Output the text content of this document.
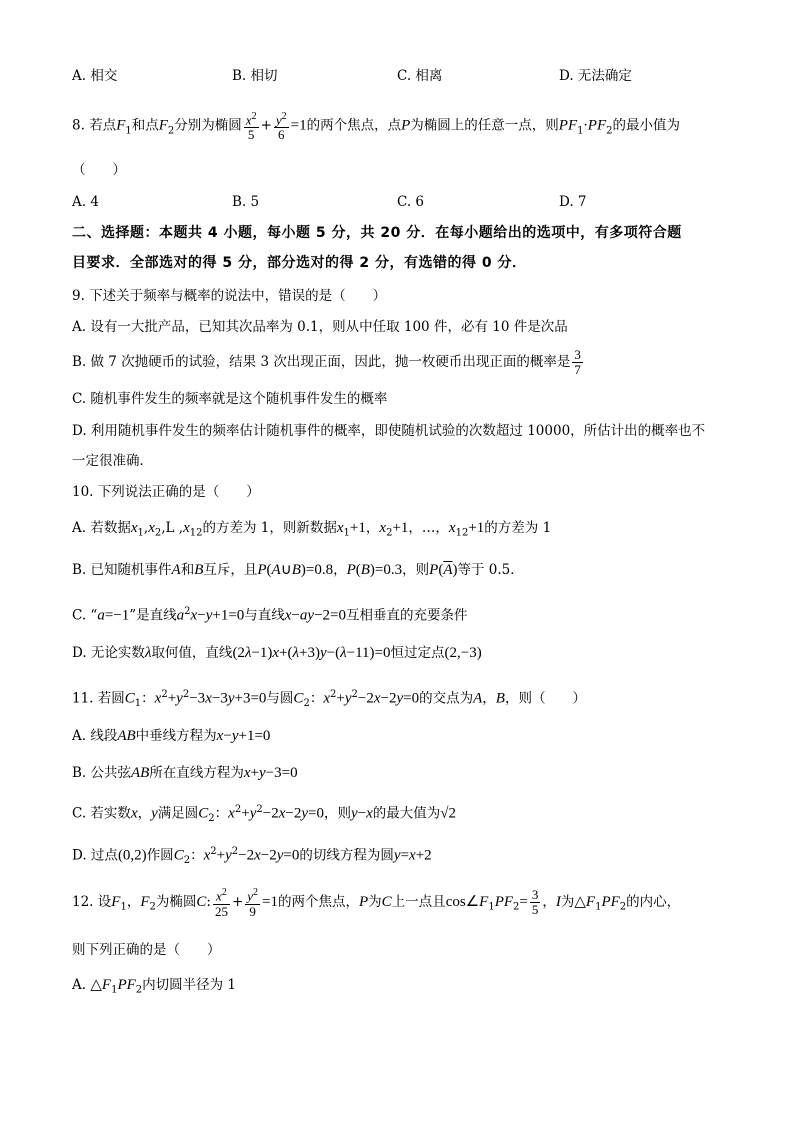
A. 相交	B. 相切	C. 相离	D. 无法确定
8. 若点$F_1$和点$F_2$分别为椭圆 $\frac{x^2}{5} + \frac{y^2}{6} =1$的两个焦点，点P为椭圆上的任意一点，则$PF_1\cdot PF_2$的最小值为
（　　）
A. 4	B. 5	C. 6	D. 7
二、选择题：本题共 4 小题，每小题 5 分，共 20 分．在每小题给出的选项中，有多项符合题
目要求．全部选对的得 5 分，部分选对的得 2 分，有选错的得 0 分．
9. 下述关于频率与概率的说法中，错误的是（　　）
A. 设有一大批产品，已知其次品率为 0.1，则从中任取 100 件，必有 10 件是次品
B. 做 7 次抛硬币的试验，结果 3 次出现正面，因此，抛一枚硬币出现正面的概率是 $\frac{3}{7}$
C. 随机事件发生的频率就是这个随机事件发生的概率
D. 利用随机事件发生的频率估计随机事件的概率，即使随机试验的次数超过 10000，所估计出的概率也不
一定很准确．
10. 下列说法正确的是（　　）
A. 若数据$x_1,x_2,L$ $,x_{12}$的方差为 1，则新数据$x_1+1$，$x_2+1$，…，$x_{12}+1$的方差为 1
B. 已知随机事件A和B互斥，且P(A∪B)=0.8，P(B)=0.3，则$P(\overline{A})$等于 0.5．
C. “a=−1”是直线$a^2x-y+1=0$与直线x−ay−2=0互相垂直的充要条件
D. 无论实数λ取何值，直线(2λ−1)x+(λ+3)y−(λ−11)=0恒过定点(2,−3)
11. 若圆$C_1$：$x^2+y^2-3x-3y+3=0$与圆$C_2$：$x^2+y^2-2x-2y=0$的交点为A，B，则（　　）
A. 线段AB中垂线方程为x−y+1=0
B. 公共弦AB所在直线方程为x+y−3=0
C. 若实数x，y满足圆$C_2$：$x^2+y^2-2x-2y=0$，则y−x的最大值为√2
D. 过点(0,2)作圆$C_2$：$x^2+y^2-2x-2y=0$的切线方程为圆y=x+2
12. 设$F_1$，$F_2$为椭圆C: $\frac{x^2}{25} + \frac{y^2}{9} =1$的两个焦点，P为C上一点且$\cos\angle F_1PF_2= \frac{3}{5}$ ，I为$\triangle F_1PF_2$的内心，
则下列正确的是（　　）
A. $\triangle F_1PF_2$内切圆半径为 1
